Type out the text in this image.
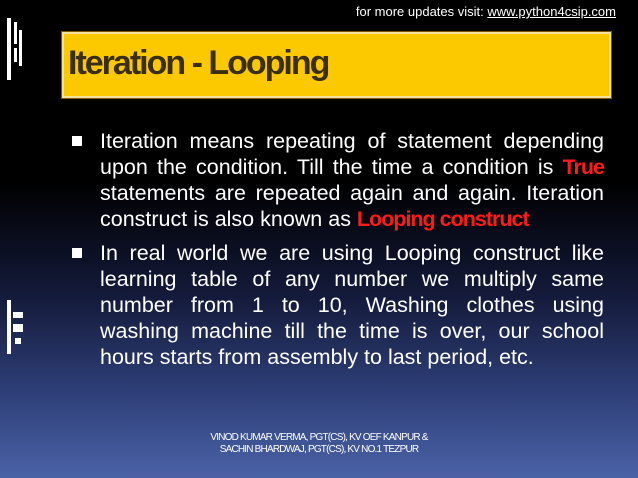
for more updates visit: www.python4csip.com
Iteration - Looping
Iteration means repeating of statement depending upon the condition. Till the time a condition is True statements are repeated again and again. Iteration construct is also known as Looping construct
In real world we are using Looping construct like learning table of any number we multiply same number from 1 to 10, Washing clothes using washing machine till the time is over, our school hours starts from assembly to last period, etc.
VINOD KUMAR VERMA, PGT(CS), KV OEF KANPUR &
SACHIN BHARDWAJ, PGT(CS), KV NO.1 TEZPUR
